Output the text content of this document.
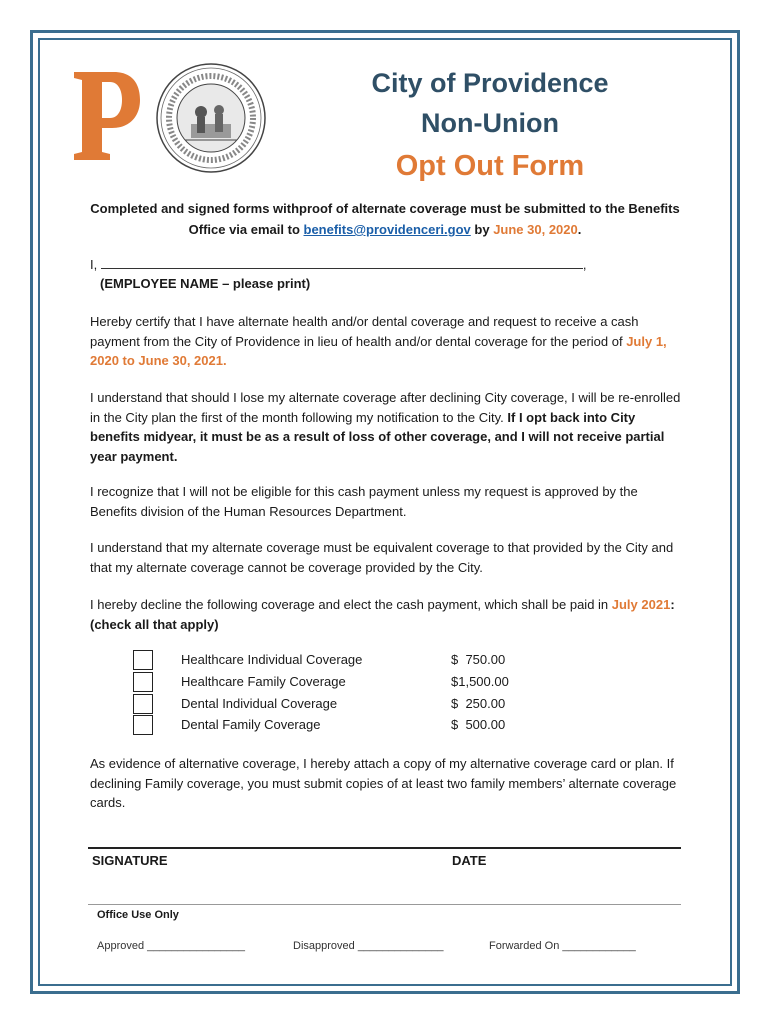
P
City of Providence
Non-Union
Opt Out Form
Completed and signed forms withproof of alternate coverage must be submitted to the Benefits Office via email to benefits@providenceri.gov by June 30, 2020.
I,	,
(EMPLOYEE NAME – please print)
Hereby certify that I have alternate health and/or dental coverage and request to receive a cash payment from the City of Providence in lieu of health and/or dental coverage for the period of July 1, 2020 to June 30, 2021.
I understand that should I lose my alternate coverage after declining City coverage, I will be re-enrolled in the City plan the first of the month following my notification to the City. If I opt back into City benefits midyear, it must be as a result of loss of other coverage, and I will not receive partial year payment.
I recognize that I will not be eligible for this cash payment unless my request is approved by the Benefits division of the Human Resources Department.
I understand that my alternate coverage must be equivalent coverage to that provided by the City and that my alternate coverage cannot be coverage provided by the City.
I hereby decline the following coverage and elect the cash payment, which shall be paid in July 2021: (check all that apply)
Healthcare Individual Coverage	$  750.00
Healthcare Family Coverage	$1,500.00
Dental Individual Coverage	$  250.00
Dental Family Coverage	$  500.00
As evidence of alternative coverage, I hereby attach a copy of my alternative coverage card or plan. If declining Family coverage, you must submit copies of at least two family members’ alternate coverage cards.
SIGNATURE	DATE
Office Use Only
Approved ________________	Disapproved ______________	Forwarded On ____________
